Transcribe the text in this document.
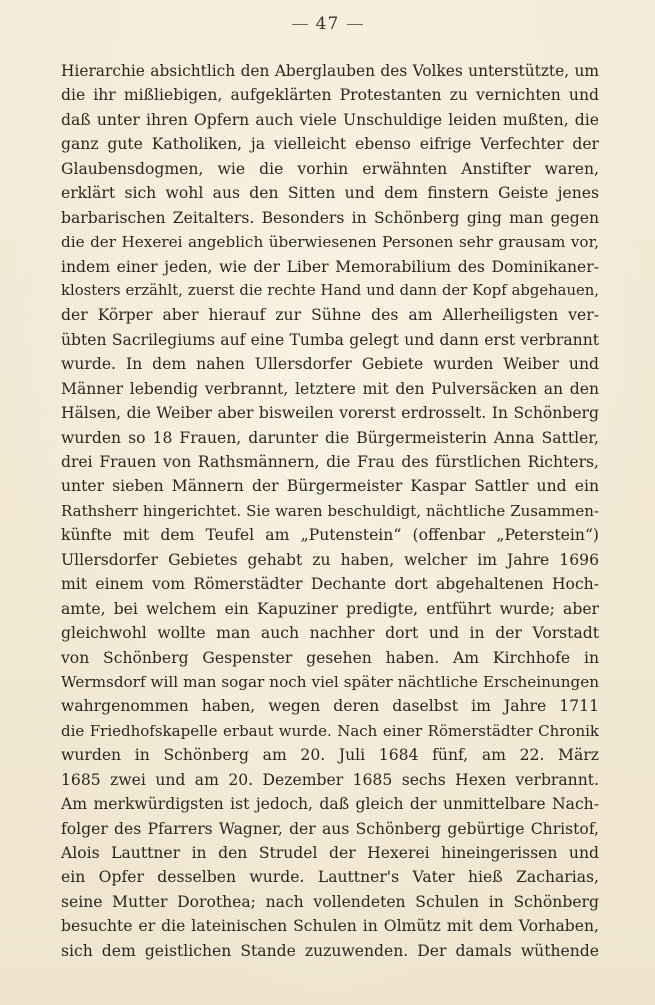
47
Hierarchie absichtlich den Aberglauben des Volkes unterstützte, um
die ihr mißliebigen, aufgeklärten Protestanten zu vernichten und
daß unter ihren Opfern auch viele Unschuldige leiden mußten, die
ganz gute Katholiken, ja vielleicht ebenso eifrige Verfechter der
Glaubensdogmen, wie die vorhin erwähnten Anstifter waren,
erklärt sich wohl aus den Sitten und dem finstern Geiste jenes
barbarischen Zeitalters. Besonders in Schönberg ging man gegen
die der Hexerei angeblich überwiesenen Personen sehr grausam vor,
indem einer jeden, wie der Liber Memorabilium des Dominikaner-
klosters erzählt, zuerst die rechte Hand und dann der Kopf abgehauen,
der Körper aber hierauf zur Sühne des am Allerheiligsten ver-
übten Sacrilegiums auf eine Tumba gelegt und dann erst verbrannt
wurde. In dem nahen Ullersdorfer Gebiete wurden Weiber und
Männer lebendig verbrannt, letztere mit den Pulversäcken an den
Hälsen, die Weiber aber bisweilen vorerst erdrosselt. In Schönberg
wurden so 18 Frauen, darunter die Bürgermeisterin Anna Sattler,
drei Frauen von Rathsmännern, die Frau des fürstlichen Richters,
unter sieben Männern der Bürgermeister Kaspar Sattler und ein
Rathsherr hingerichtet. Sie waren beschuldigt, nächtliche Zusammen-
künfte mit dem Teufel am „Putenstein“ (offenbar „Peterstein“)
Ullersdorfer Gebietes gehabt zu haben, welcher im Jahre 1696
mit einem vom Römerstädter Dechante dort abgehaltenen Hoch-
amte, bei welchem ein Kapuziner predigte, entführt wurde; aber
gleichwohl wollte man auch nachher dort und in der Vorstadt
von Schönberg Gespenster gesehen haben. Am Kirchhofe in
Wermsdorf will man sogar noch viel später nächtliche Erscheinungen
wahrgenommen haben, wegen deren daselbst im Jahre 1711
die Friedhofskapelle erbaut wurde. Nach einer Römerstädter Chronik
wurden in Schönberg am 20. Juli 1684 fünf, am 22. März
1685 zwei und am 20. Dezember 1685 sechs Hexen verbrannt.
Am merkwürdigsten ist jedoch, daß gleich der unmittelbare Nach-
folger des Pfarrers Wagner, der aus Schönberg gebürtige Christof,
Alois Lauttner in den Strudel der Hexerei hineingerissen und
ein Opfer desselben wurde. Lauttner's Vater hieß Zacharias,
seine Mutter Dorothea; nach vollendeten Schulen in Schönberg
besuchte er die lateinischen Schulen in Olmütz mit dem Vorhaben,
sich dem geistlichen Stande zuzuwenden. Der damals wüthende
